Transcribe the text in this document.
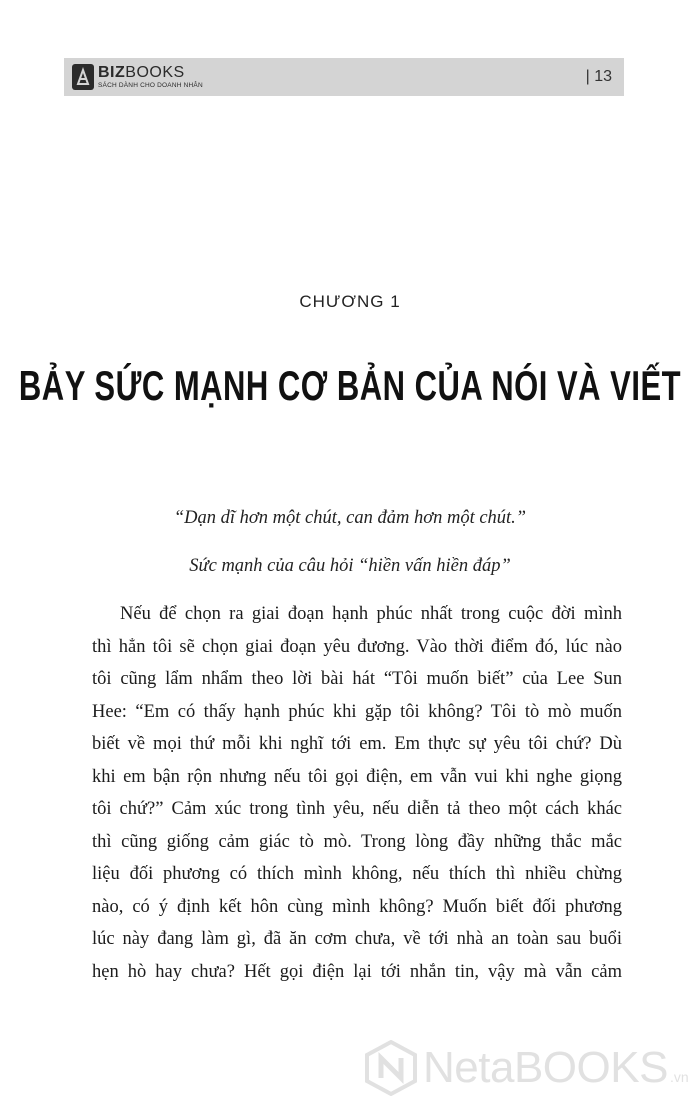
BIZBOOKS
SÁCH DÀNH CHO DOANH NHÂN
| 13
CHƯƠNG 1
BẢY SỨC MẠNH CƠ BẢN CỦA NÓI VÀ VIẾT
“Dạn dĩ hơn một chút, can đảm hơn một chút.”
Sức mạnh của câu hỏi “hiền vấn hiền đáp”
Nếu để chọn ra giai đoạn hạnh phúc nhất trong cuộc đời mình
thì hẳn tôi sẽ chọn giai đoạn yêu đương. Vào thời điểm đó, lúc nào
tôi cũng lẩm nhẩm theo lời bài hát “Tôi muốn biết” của Lee Sun
Hee: “Em có thấy hạnh phúc khi gặp tôi không? Tôi tò mò muốn
biết về mọi thứ mỗi khi nghĩ tới em. Em thực sự yêu tôi chứ? Dù
khi em bận rộn nhưng nếu tôi gọi điện, em vẫn vui khi nghe giọng
tôi chứ?” Cảm xúc trong tình yêu, nếu diễn tả theo một cách khác
thì cũng giống cảm giác tò mò. Trong lòng đầy những thắc mắc
liệu đối phương có thích mình không, nếu thích thì nhiều chừng
nào, có ý định kết hôn cùng mình không? Muốn biết đối phương
lúc này đang làm gì, đã ăn cơm chưa, về tới nhà an toàn sau buổi
hẹn hò hay chưa? Hết gọi điện lại tới nhắn tin, vậy mà vẫn cảm
NetaBOOKS .vn
